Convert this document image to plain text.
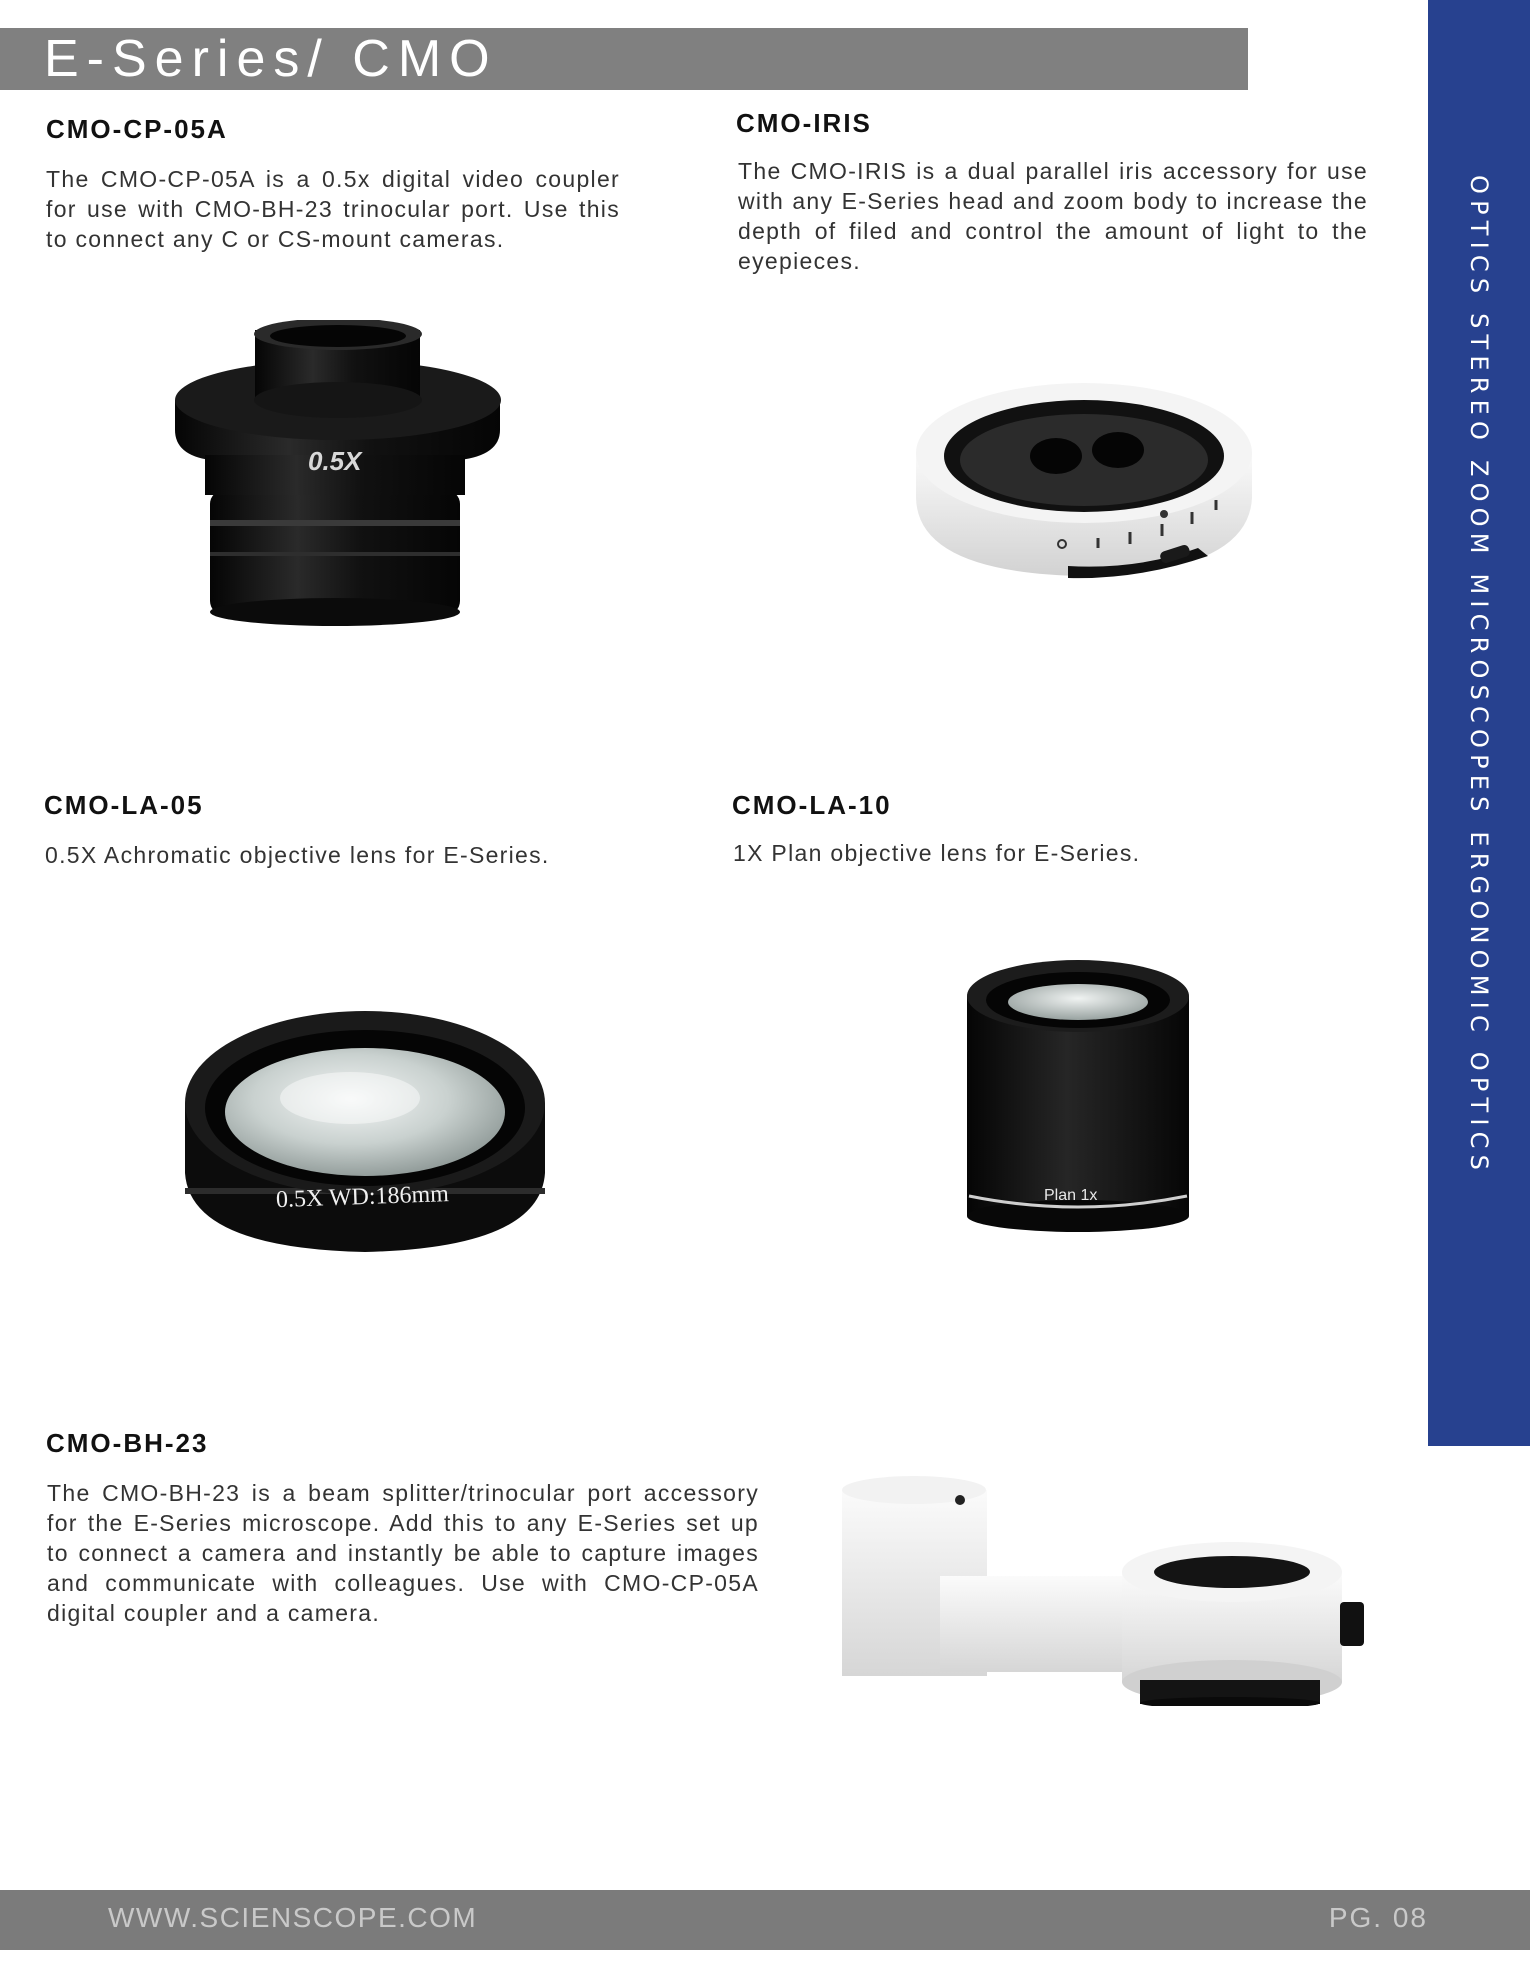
E-Series/ CMO
OPTICS STEREO ZOOM MICROSCOPES ERGONOMIC OPTICS
CMO-CP-05A
The CMO-CP-05A is a 0.5x digital video coupler for use with CMO-BH-23 trinocular port. Use this to connect any C or CS-mount cameras.
0.5X
CMO-IRIS
The CMO-IRIS is a dual parallel iris accessory for use with any E-Series head and zoom body to increase the depth of filed and control the amount of light to the eyepieces.
CMO-LA-05
0.5X Achromatic objective lens for E-Series.
0.5X WD:186mm
CMO-LA-10
1X Plan objective lens for E-Series.
Plan 1x
CMO-BH-23
The CMO-BH-23 is a beam splitter/trinocular port accessory for the E-Series microscope. Add this to any E-Series set up to connect a camera and instantly be able to capture images and communicate with colleagues. Use with CMO-CP-05A digital coupler and a camera.
WWW.SCIENSCOPE.COM	PG. 08
